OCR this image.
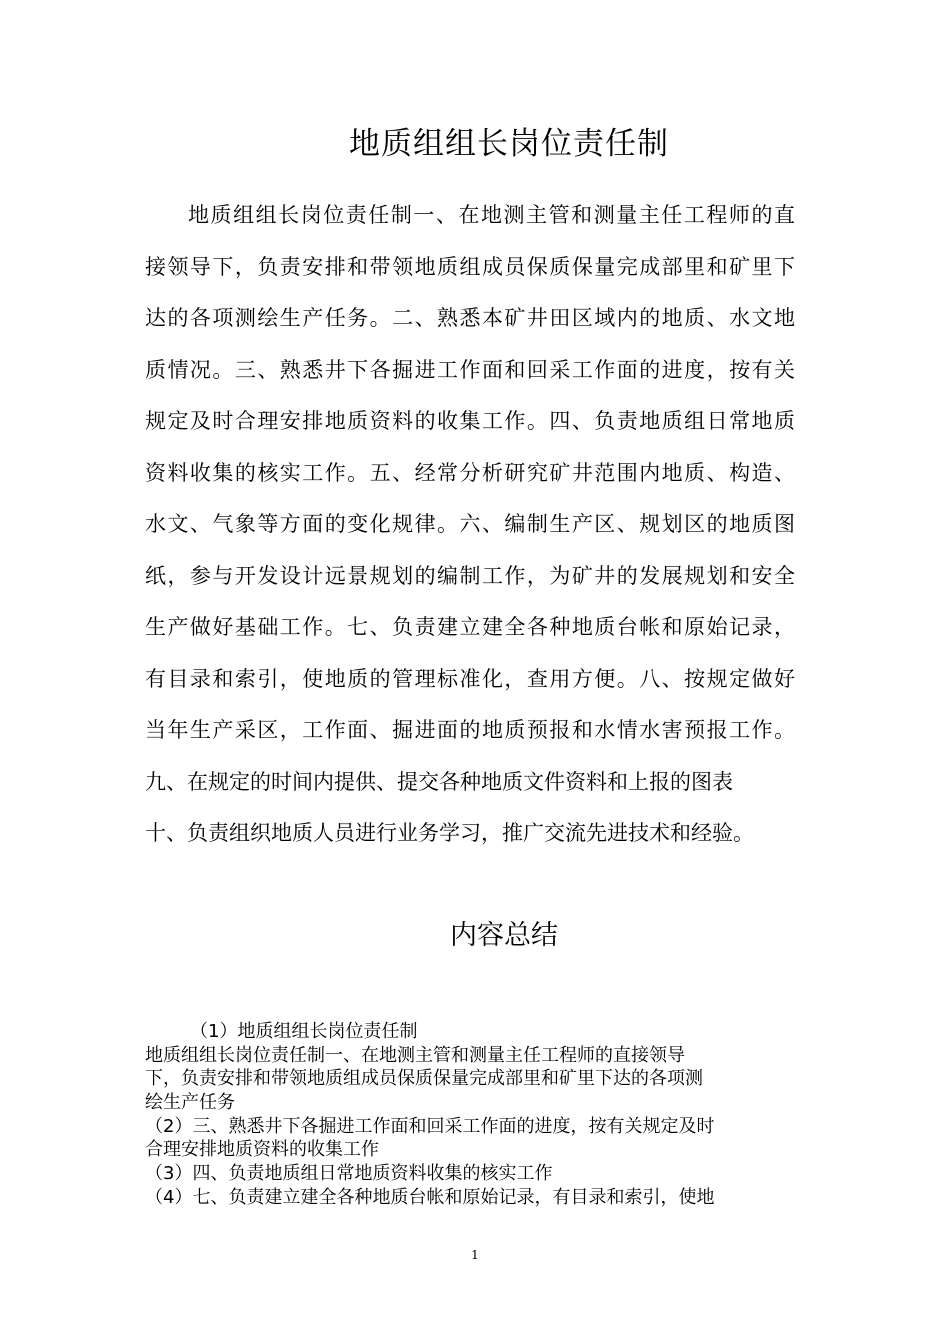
地质组组长岗位责任制
地质组组长岗位责任制一、在地测主管和测量主任工程师的直
接领导下，负责安排和带领地质组成员保质保量完成部里和矿里下
达的各项测绘生产任务。二、熟悉本矿井田区域内的地质、水文地
质情况。三、熟悉井下各掘进工作面和回采工作面的进度，按有关
规定及时合理安排地质资料的收集工作。四、负责地质组日常地质
资料收集的核实工作。五、经常分析研究矿井范围内地质、构造、
水文、气象等方面的变化规律。六、编制生产区、规划区的地质图
纸，参与开发设计远景规划的编制工作，为矿井的发展规划和安全
生产做好基础工作。七、负责建立建全各种地质台帐和原始记录，
有目录和索引，使地质的管理标准化，查用方便。八、按规定做好
当年生产采区，工作面、掘进面的地质预报和水情水害预报工作。
九、在规定的时间内提供、提交各种地质文件资料和上报的图表
十、负责组织地质人员进行业务学习，推广交流先进技术和经验。
内容总结
（1）地质组组长岗位责任制
地质组组长岗位责任制一、在地测主管和测量主任工程师的直接领导
下，负责安排和带领地质组成员保质保量完成部里和矿里下达的各项测
绘生产任务
（2）三、熟悉井下各掘进工作面和回采工作面的进度，按有关规定及时
合理安排地质资料的收集工作
（3）四、负责地质组日常地质资料收集的核实工作
（4）七、负责建立建全各种地质台帐和原始记录，有目录和索引，使地
1
